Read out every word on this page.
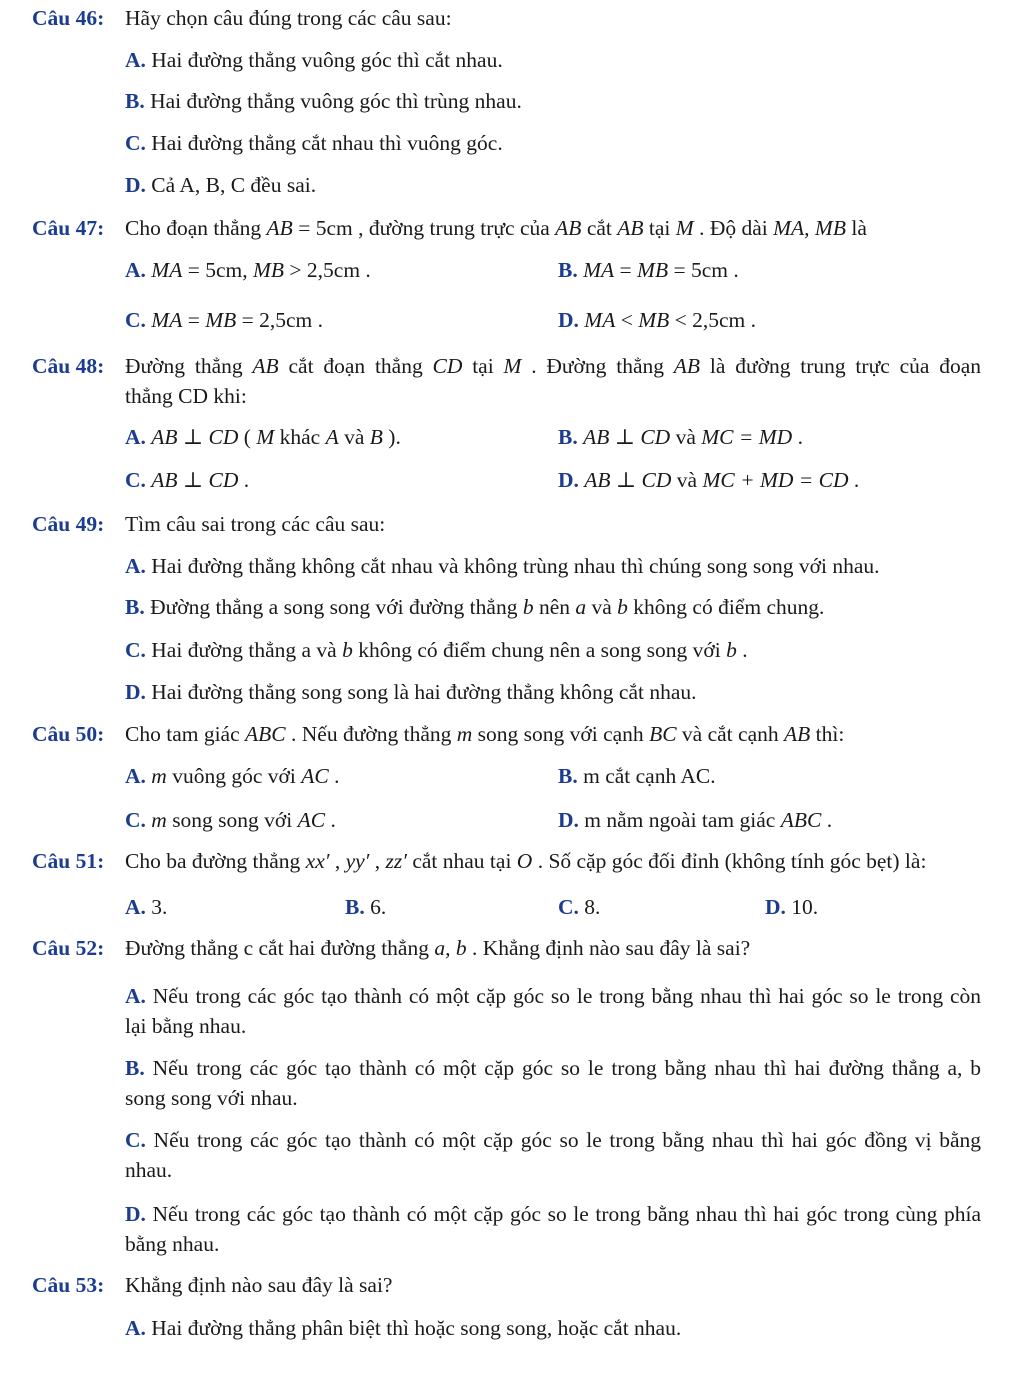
Câu 46: Hãy chọn câu đúng trong các câu sau:
A. Hai đường thẳng vuông góc thì cắt nhau.
B. Hai đường thẳng vuông góc thì trùng nhau.
C. Hai đường thẳng cắt nhau thì vuông góc.
D. Cả A, B, C đều sai.
Câu 47: Cho đoạn thẳng AB = 5cm , đường trung trực của AB cắt AB tại M . Độ dài MA, MB là
A. MA = 5cm, MB > 2,5cm .	B. MA = MB = 5cm .
C. MA = MB = 2,5cm .	D. MA < MB < 2,5cm .
Câu 48: Đường thẳng AB cắt đoạn thẳng CD tại M . Đường thẳng AB là đường trung trực của đoạn
thẳng CD khi:
A. AB ⊥ CD ( M khác A và B ).	B. AB ⊥ CD và MC = MD .
C. AB ⊥ CD .	D. AB ⊥ CD và MC + MD = CD .
Câu 49: Tìm câu sai trong các câu sau:
A. Hai đường thẳng không cắt nhau và không trùng nhau thì chúng song song với nhau.
B. Đường thẳng a song song với đường thẳng b nên a và b không có điểm chung.
C. Hai đường thẳng a và b không có điểm chung nên a song song với b .
D. Hai đường thẳng song song là hai đường thẳng không cắt nhau.
Câu 50: Cho tam giác ABC . Nếu đường thẳng m song song với cạnh BC và cắt cạnh AB thì:
A. m vuông góc với AC .	B. m cắt cạnh AC.
C. m song song với AC .	D. m nằm ngoài tam giác ABC .
Câu 51: Cho ba đường thẳng xx′ , yy′ , zz′ cắt nhau tại O . Số cặp góc đối đỉnh (không tính góc bẹt) là:
A. 3.	B. 6.	C. 8.	D. 10.
Câu 52: Đường thẳng c cắt hai đường thẳng a, b . Khẳng định nào sau đây là sai?
A. Nếu trong các góc tạo thành có một cặp góc so le trong bằng nhau thì hai góc so le trong còn
lại bằng nhau.
B. Nếu trong các góc tạo thành có một cặp góc so le trong bằng nhau thì hai đường thẳng a, b
song song với nhau.
C. Nếu trong các góc tạo thành có một cặp góc so le trong bằng nhau thì hai góc đồng vị bằng
nhau.
D. Nếu trong các góc tạo thành có một cặp góc so le trong bằng nhau thì hai góc trong cùng phía
bằng nhau.
Câu 53: Khẳng định nào sau đây là sai?
A. Hai đường thẳng phân biệt thì hoặc song song, hoặc cắt nhau.
